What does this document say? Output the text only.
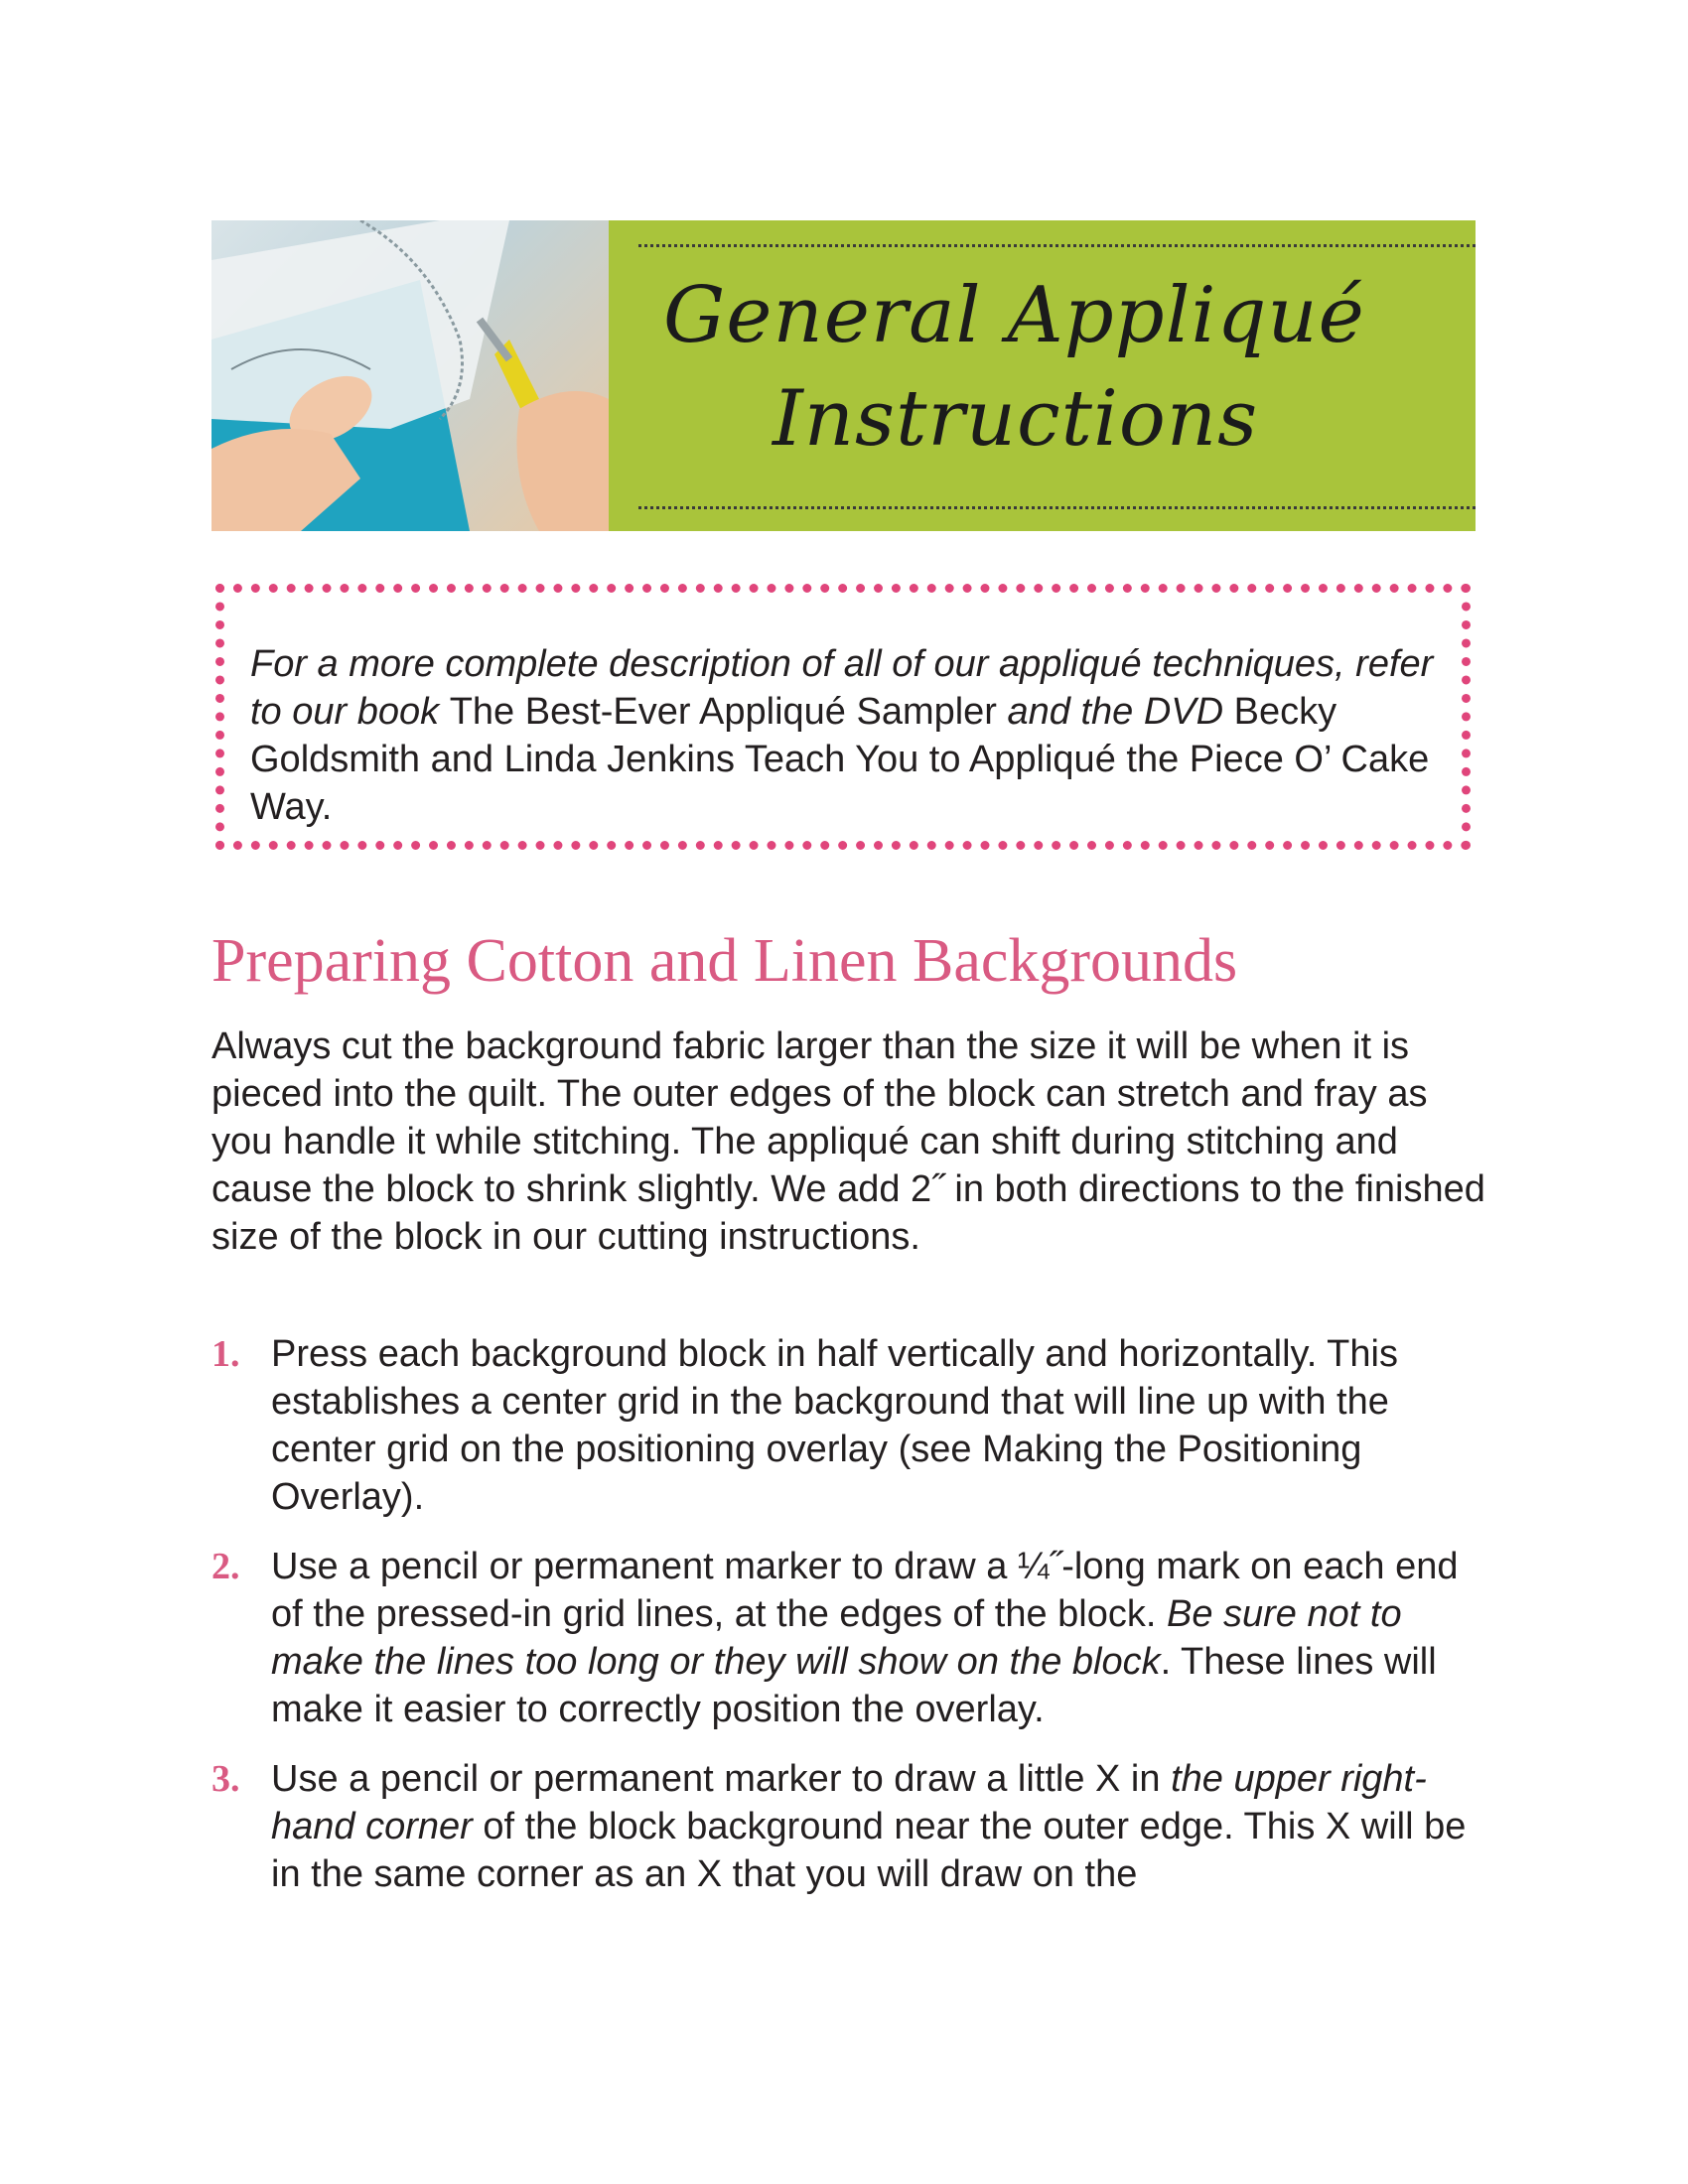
General Appliqué
Instructions
For a more complete description of all of our appliqué techniques, refer to our book The Best-Ever Appliqué Sampler and the DVD Becky Goldsmith and Linda Jenkins Teach You to Appliqué the Piece O’ Cake Way.
Preparing Cotton and Linen Backgrounds

Always cut the background fabric larger than the size it will be when it is pieced into the quilt. The outer edges of the block can stretch and fray as you handle it while stitching. The appliqué can shift during stitching and cause the block to shrink slightly. We add 2˝ in both directions to the finished size of the block in our cutting instructions.

1. Press each background block in half vertically and horizontally. This establishes a center grid in the background that will line up with the center grid on the positioning overlay (see Making the Positioning Overlay).
2. Use a pencil or permanent marker to draw a ¼˝-long mark on each end of the pressed-in grid lines, at the edges of the block. Be sure not to make the lines too long or they will show on the block. These lines will make it easier to correctly position the overlay.
3. Use a pencil or permanent marker to draw a little X in the upper right-hand corner of the block background near the outer edge. This X will be in the same corner as an X that you will draw on the
